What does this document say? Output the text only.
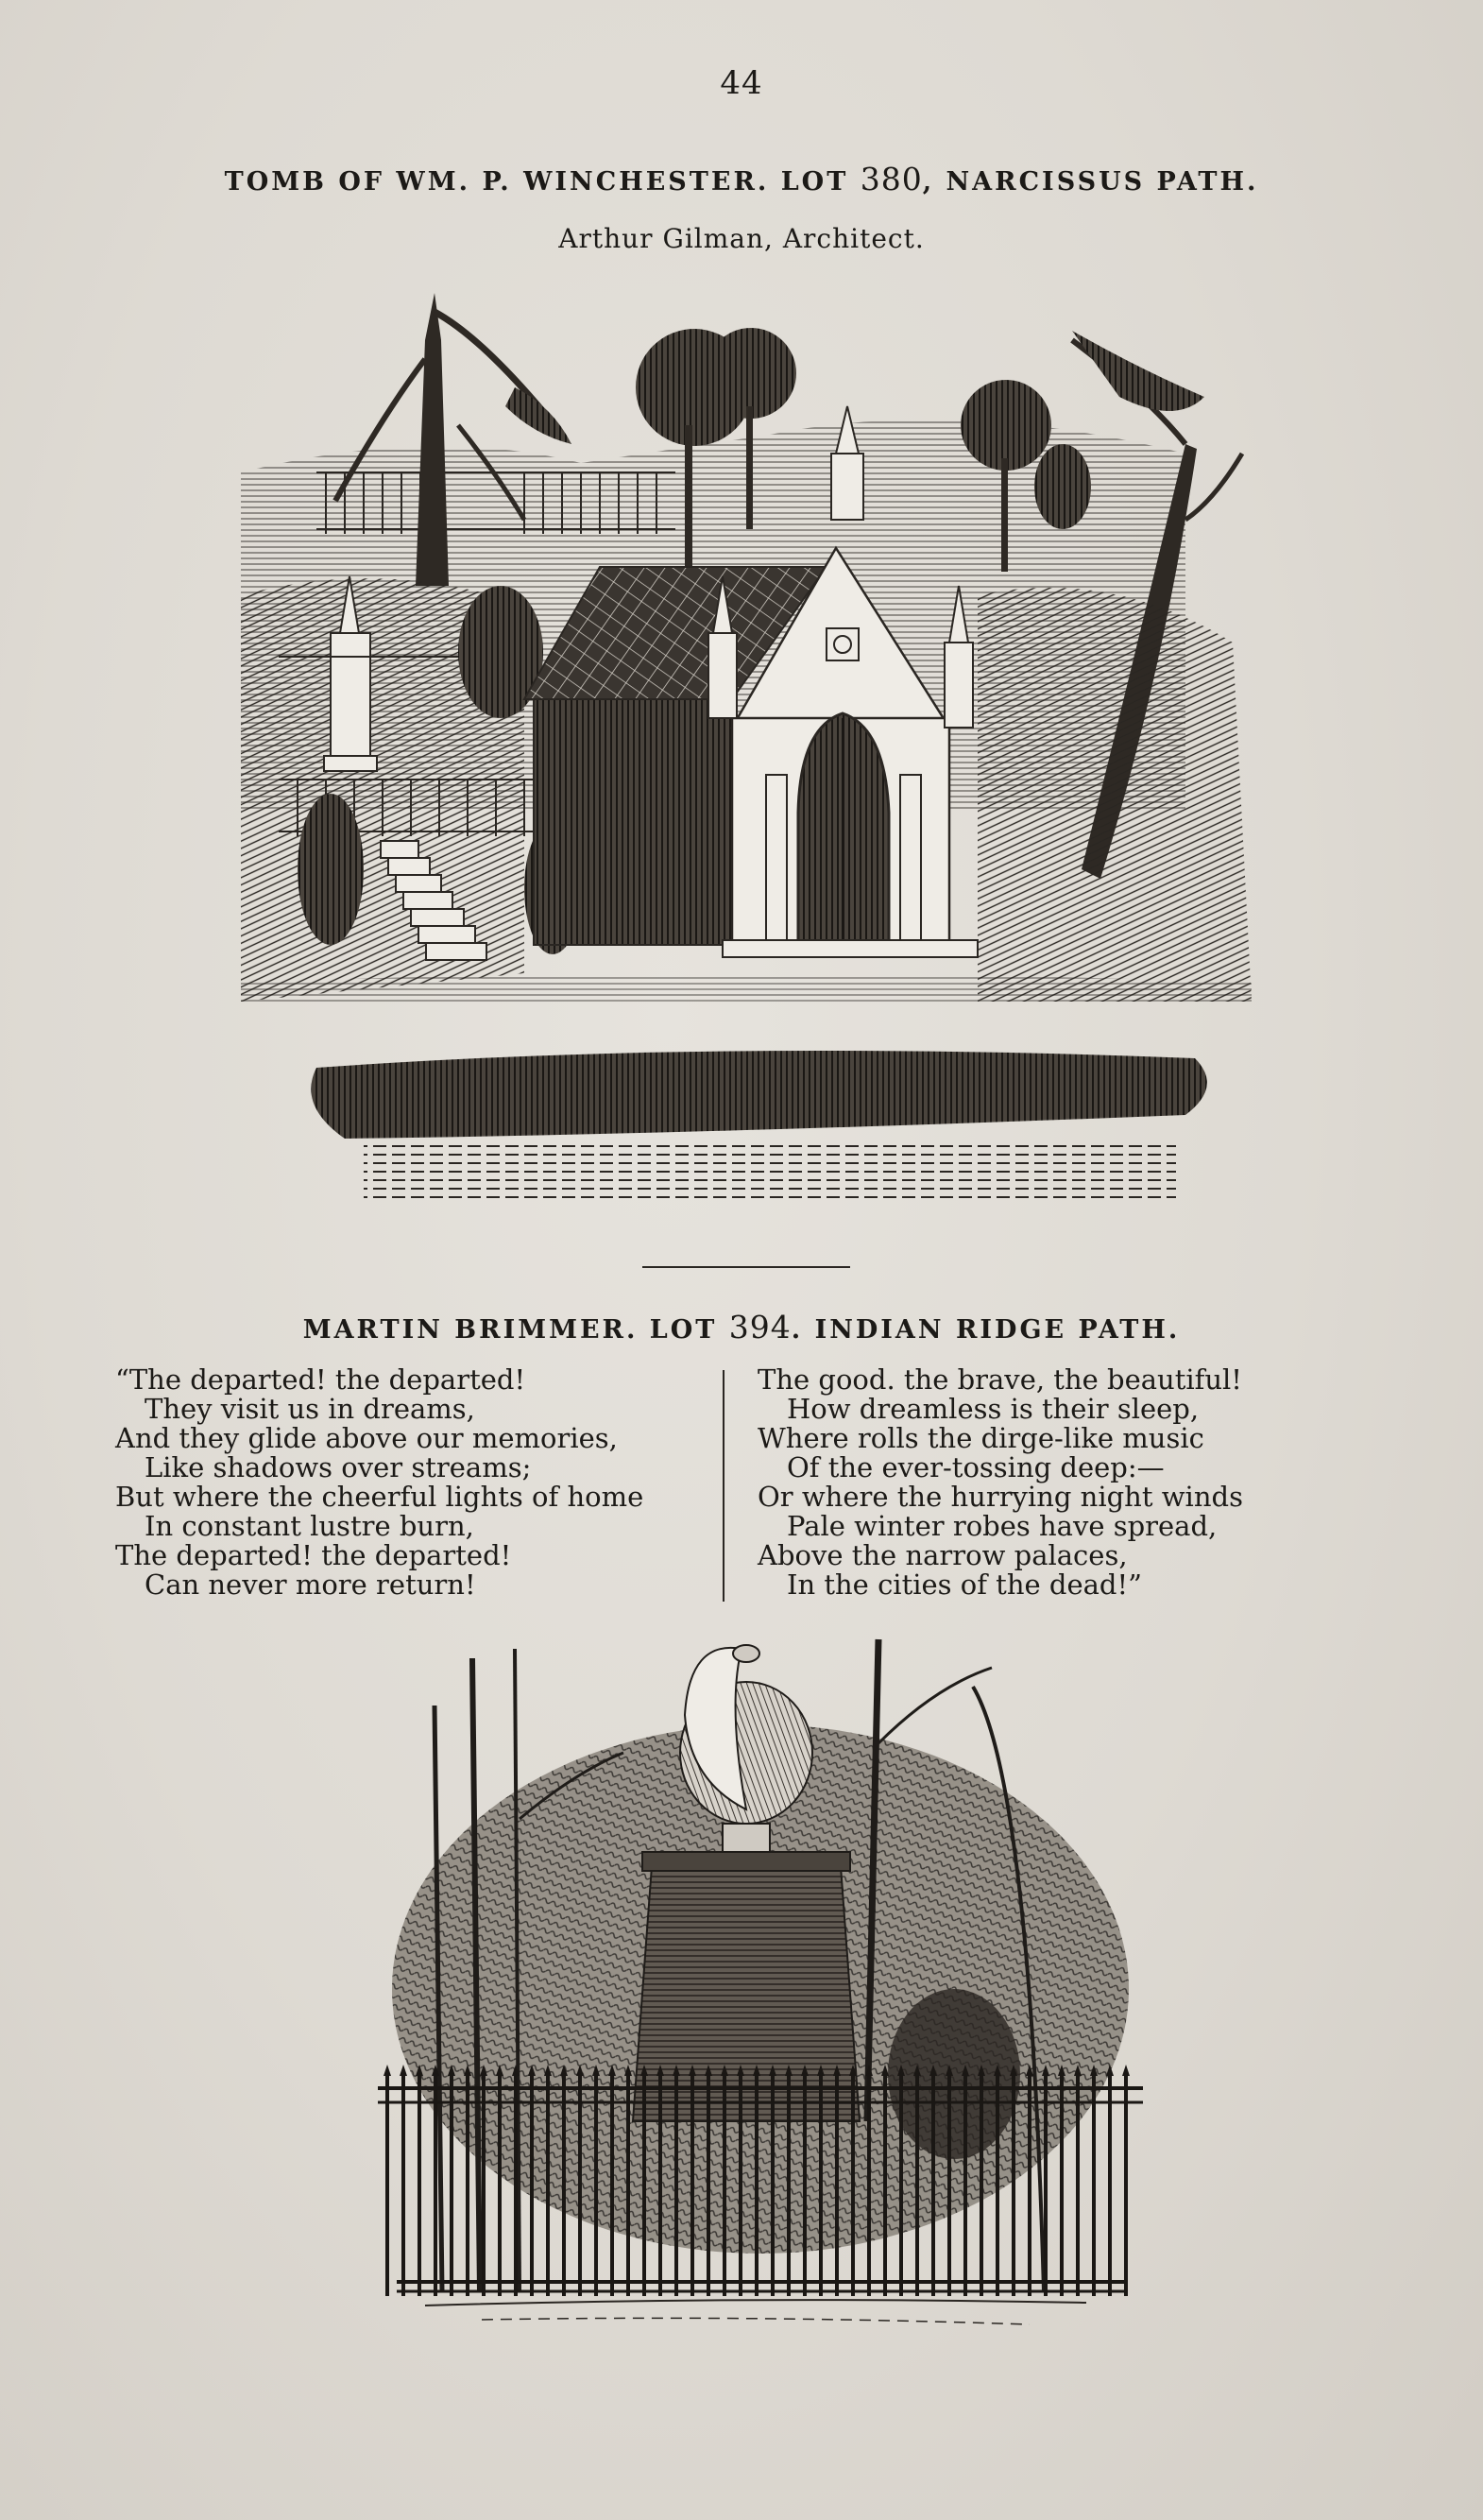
44
TOMB OF WM. P. WINCHESTER. LOT 380, NARCISSUS PATH.
Arthur Gilman, Architect.
MARTIN BRIMMER. LOT 394. INDIAN RIDGE PATH.
“The departed! the departed!
They visit us in dreams,
And they glide above our memories,
Like shadows over streams;
But where the cheerful lights of home
In constant lustre burn,
The departed! the departed!
Can never more return!
The good. the brave, the beautiful!
How dreamless is their sleep,
Where rolls the dirge-like music
Of the ever-tossing deep:—
Or where the hurrying night winds
Pale winter robes have spread,
Above the narrow palaces,
In the cities of the dead!”
